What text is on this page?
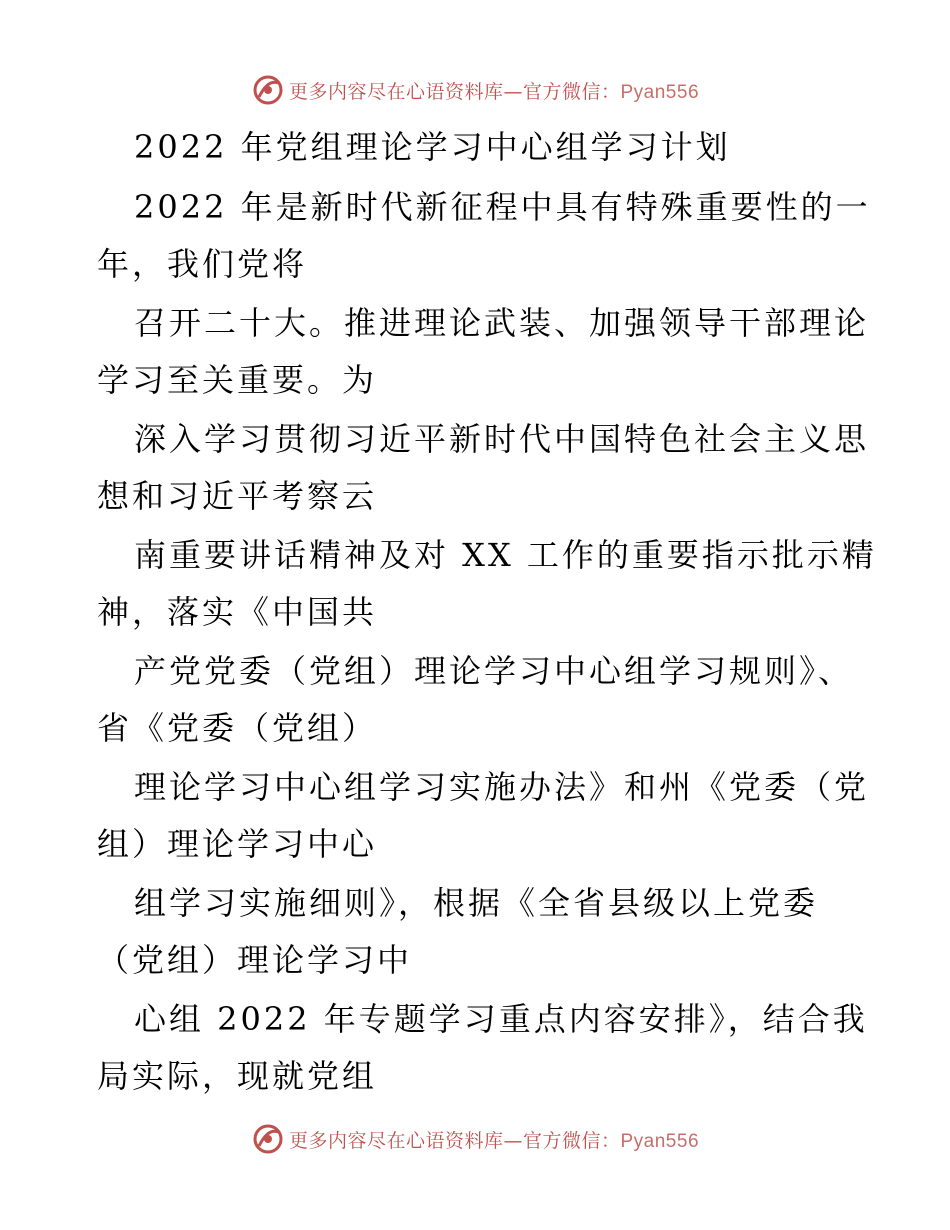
更多内容尽在心语资料库—官方微信：Pyan556
2022 年党组理论学习中心组学习计划
2022 年是新时代新征程中具有特殊重要性的一
年，我们党将
召开二十大。推进理论武装、加强领导干部理论
学习至关重要。为
深入学习贯彻习近平新时代中国特色社会主义思
想和习近平考察云
南重要讲话精神及对 XX 工作的重要指示批示精
神，落实《中国共
产党党委（党组）理论学习中心组学习规则》、
省《党委（党组）
理论学习中心组学习实施办法》和州《党委（党
组）理论学习中心
组学习实施细则》，根据《全省县级以上党委
（党组）理论学习中
心组 2022 年专题学习重点内容安排》，结合我
局实际，现就党组
更多内容尽在心语资料库—官方微信：Pyan556
